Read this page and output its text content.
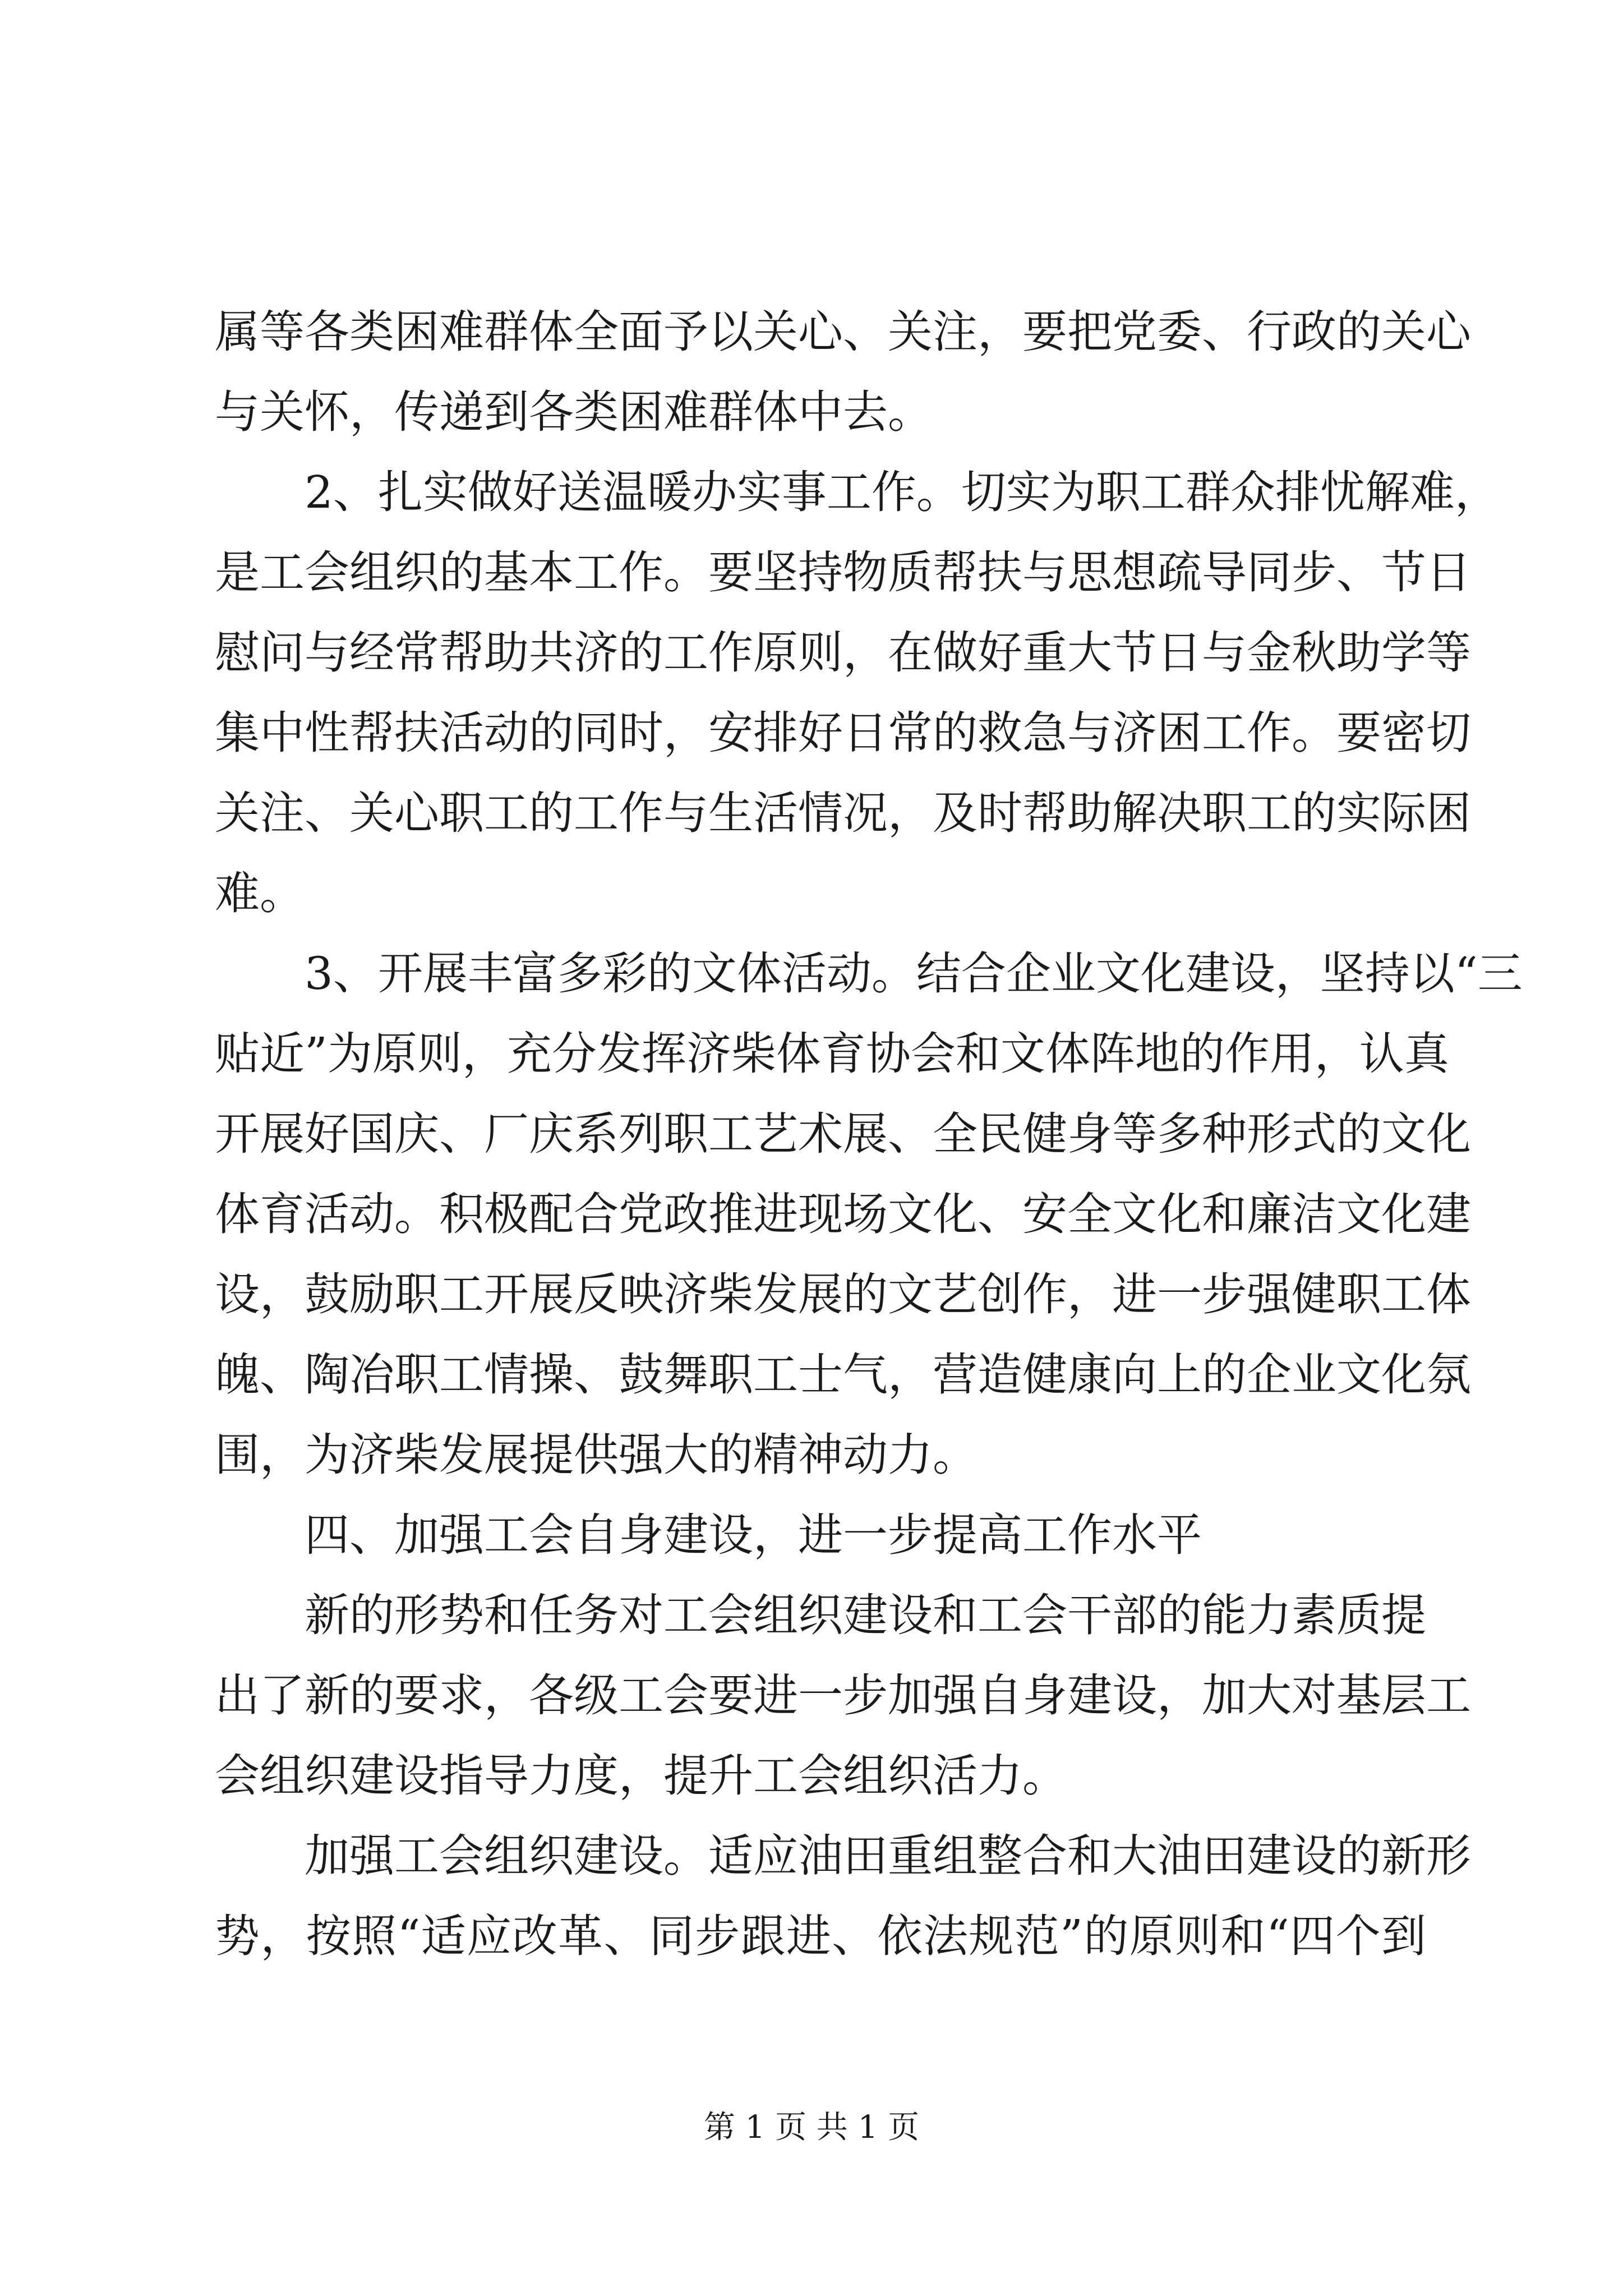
属等各类困难群体全面予以关心、关注，要把党委、行政的关心
与关怀，传递到各类困难群体中去。
2、扎实做好送温暖办实事工作。切实为职工群众排忧解难，
是工会组织的基本工作。要坚持物质帮扶与思想疏导同步、节日
慰问与经常帮助共济的工作原则，在做好重大节日与金秋助学等
集中性帮扶活动的同时，安排好日常的救急与济困工作。要密切
关注、关心职工的工作与生活情况，及时帮助解决职工的实际困
难。
3、开展丰富多彩的文体活动。结合企业文化建设，坚持以“三
贴近”为原则，充分发挥济柴体育协会和文体阵地的作用，认真
开展好国庆、厂庆系列职工艺术展、全民健身等多种形式的文化
体育活动。积极配合党政推进现场文化、安全文化和廉洁文化建
设，鼓励职工开展反映济柴发展的文艺创作，进一步强健职工体
魄、陶冶职工情操、鼓舞职工士气，营造健康向上的企业文化氛
围，为济柴发展提供强大的精神动力。
四、加强工会自身建设，进一步提高工作水平
新的形势和任务对工会组织建设和工会干部的能力素质提
出了新的要求，各级工会要进一步加强自身建设，加大对基层工
会组织建设指导力度，提升工会组织活力。
加强工会组织建设。适应油田重组整合和大油田建设的新形
势，按照“适应改革、同步跟进、依法规范”的原则和“四个到
第 1 页 共 1 页
